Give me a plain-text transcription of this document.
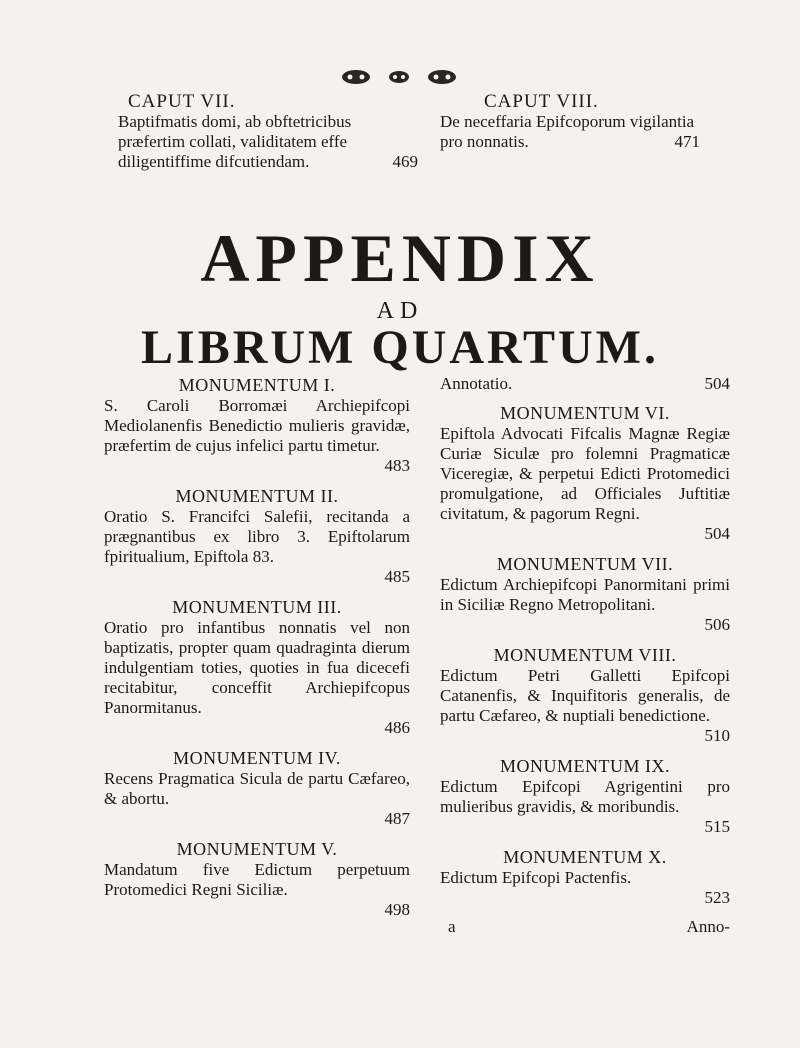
CAPUT VII.
Baptifmatis domi, ab obftetricibus præfertim collati, validitatem effe diligentiffime difcutiendam.	469
CAPUT VIII.
De neceffaria Epifcoporum vigilantia pro nonnatis.	471
APPENDIX
AD
LIBRUM QUARTUM.
MONUMENTUM I.
S. Caroli Borromæi Archiepifcopi Mediolanenfis Benedictio mulieris gravidæ, præfertim de cujus infelici partu timetur.
483
MONUMENTUM II.
Oratio S. Francifci Salefii, recitanda a prægnantibus ex libro 3. Epiftolarum fpiritualium, Epiftola 83.
485
MONUMENTUM III.
Oratio pro infantibus nonnatis vel non baptizatis, propter quam quadraginta dierum indulgentiam toties, quoties in fua dicecefi recitabitur, conceffit Archiepifcopus Panormitanus.
486
MONUMENTUM IV.
Recens Pragmatica Sicula de partu Cæfareo, & abortu.
487
MONUMENTUM V.
Mandatum five Edictum perpetuum Protomedici Regni Siciliæ.
498
Annotatio.	504
MONUMENTUM VI.
Epiftola Advocati Fifcalis Magnæ Regiæ Curiæ Siculæ pro folemni Pragmaticæ Viceregiæ, & perpetui Edicti Protomedici promulgatione, ad Officiales Juftitiæ civitatum, & pagorum Regni.
504
MONUMENTUM VII.
Edictum Archiepifcopi Panormitani primi in Siciliæ Regno Metropolitani.
506
MONUMENTUM VIII.
Edictum Petri Galletti Epifcopi Catanenfis, & Inquifitoris generalis, de partu Cæfareo, & nuptiali benedictione.
510
MONUMENTUM IX.
Edictum Epifcopi Agrigentini pro mulieribus gravidis, & moribundis.
515
MONUMENTUM X.
Edictum Epifcopi Pactenfis.
523
a	Anno-
